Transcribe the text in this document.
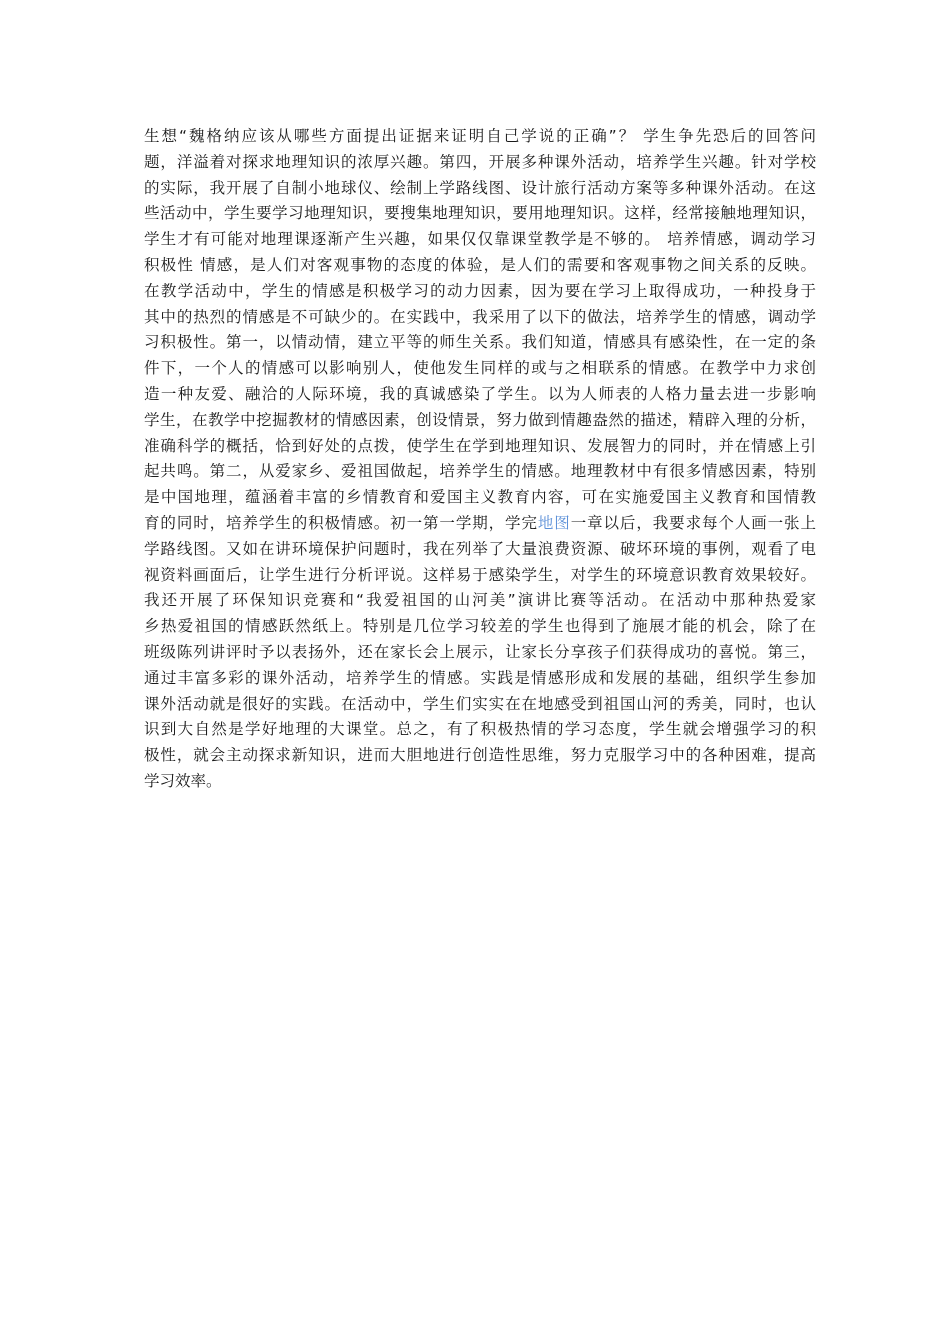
生想“魏格纳应该从哪些方面提出证据来证明自己学说的正确”？ 学生争先恐后的回答问
题，洋溢着对探求地理知识的浓厚兴趣。第四，开展多种课外活动，培养学生兴趣。针对学校
的实际，我开展了自制小地球仪、绘制上学路线图、设计旅行活动方案等多种课外活动。在这
些活动中，学生要学习地理知识，要搜集地理知识，要用地理知识。这样，经常接触地理知识，
学生才有可能对地理课逐渐产生兴趣，如果仅仅靠课堂教学是不够的。 培养情感，调动学习
积极性 情感，是人们对客观事物的态度的体验，是人们的需要和客观事物之间关系的反映。
在教学活动中，学生的情感是积极学习的动力因素，因为要在学习上取得成功，一种投身于
其中的热烈的情感是不可缺少的。在实践中，我采用了以下的做法，培养学生的情感，调动学
习积极性。第一，以情动情，建立平等的师生关系。我们知道，情感具有感染性，在一定的条
件下，一个人的情感可以影响别人，使他发生同样的或与之相联系的情感。在教学中力求创
造一种友爱、融洽的人际环境，我的真诚感染了学生。以为人师表的人格力量去进一步影响
学生，在教学中挖掘教材的情感因素，创设情景，努力做到情趣盎然的描述，精辟入理的分析，
准确科学的概括，恰到好处的点拨，使学生在学到地理知识、发展智力的同时，并在情感上引
起共鸣。第二，从爱家乡、爱祖国做起，培养学生的情感。地理教材中有很多情感因素，特别
是中国地理，蕴涵着丰富的乡情教育和爱国主义教育内容，可在实施爱国主义教育和国情教
育的同时，培养学生的积极情感。初一第一学期，学完地图一章以后，我要求每个人画一张上
学路线图。又如在讲环境保护问题时，我在列举了大量浪费资源、破坏环境的事例，观看了电
视资料画面后，让学生进行分析评说。这样易于感染学生，对学生的环境意识教育效果较好。
我还开展了环保知识竞赛和“我爱祖国的山河美”演讲比赛等活动。在活动中那种热爱家
乡热爱祖国的情感跃然纸上。特别是几位学习较差的学生也得到了施展才能的机会，除了在
班级陈列讲评时予以表扬外，还在家长会上展示，让家长分享孩子们获得成功的喜悦。第三，
通过丰富多彩的课外活动，培养学生的情感。实践是情感形成和发展的基础，组织学生参加
课外活动就是很好的实践。在活动中，学生们实实在在地感受到祖国山河的秀美，同时，也认
识到大自然是学好地理的大课堂。总之，有了积极热情的学习态度，学生就会增强学习的积
极性，就会主动探求新知识，进而大胆地进行创造性思维，努力克服学习中的各种困难，提高
学习效率。
